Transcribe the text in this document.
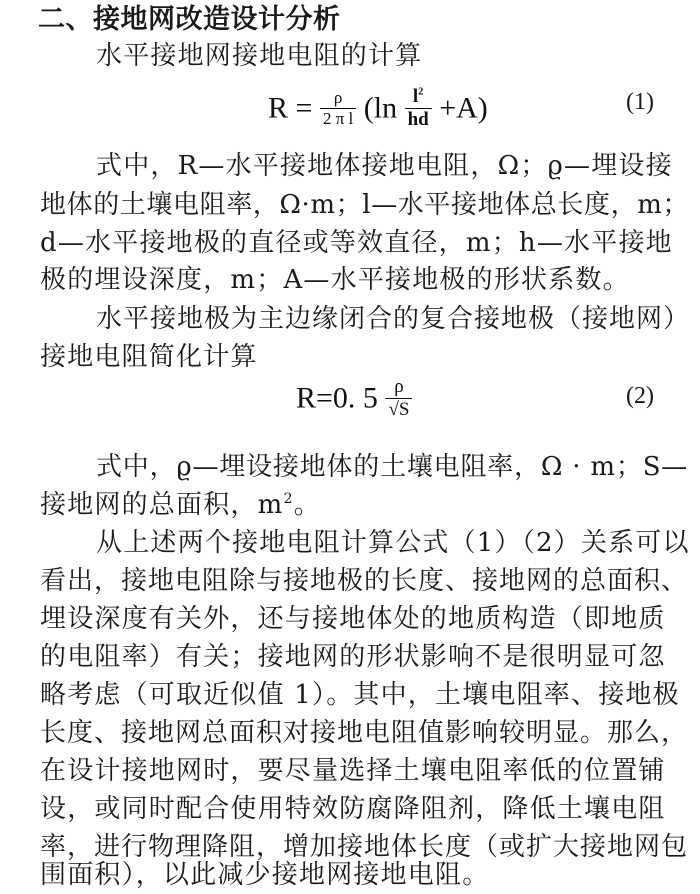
二、接地网改造设计分析
水平接地网接地电阻的计算
$R = \frac{\rho}{\text{2 π l}} (\ln \frac{l^2}{hd} +A)$	(1)
式中，R—水平接地体接地电阻，Ω；ϱ—埋设接
地体的土壤电阻率，Ω·m；l—水平接地体总长度，m；
d—水平接地极的直径或等效直径，m；h—水平接地
极的埋设深度，m；A—水平接地极的形状系数。
水平接地极为主边缘闭合的复合接地极（接地网）
接地电阻简化计算
R=0. $5 \frac{\rho}{√S}$	(2)
式中，ϱ—埋设接地体的土壤电阻率，Ω · m；S—
接地网的总面积，$m^2$。
从上述两个接地电阻计算公式（1）（2）关系可以
看出，接地电阻除与接地极的长度、接地网的总面积、
埋设深度有关外，还与接地体处的地质构造（即地质
的电阻率）有关；接地网的形状影响不是很明显可忽
略考虑（可取近似值 1）。其中，土壤电阻率、接地极
长度、接地网总面积对接地电阻值影响较明显。那么，
在设计接地网时，要尽量选择土壤电阻率低的位置铺
设，或同时配合使用特效防腐降阻剂，降低土壤电阻
率，进行物理降阻，增加接地体长度（或扩大接地网包
围面积），以此减少接地网接地电阻。
